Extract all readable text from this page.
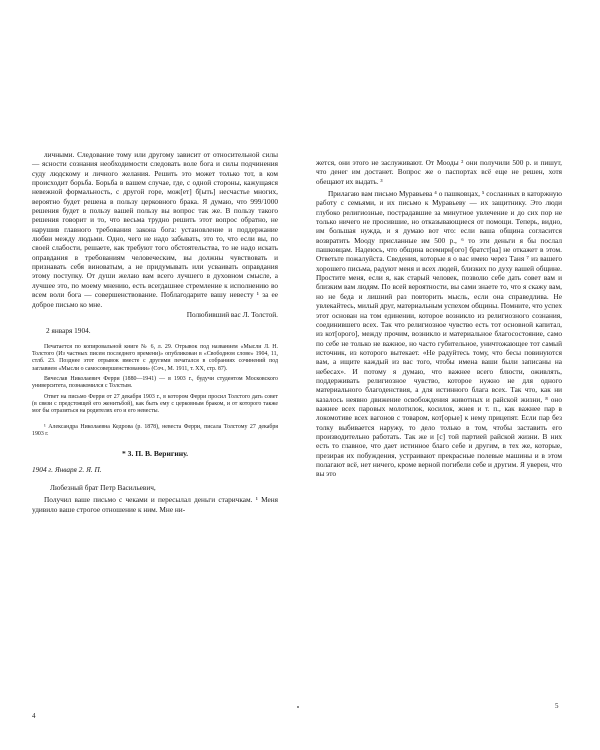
личными. Следование тому или другому зависит от относительной силы — ясности сознания необходимости следовать воле бога и силы подчинения суду людскому и личного желания. Решить это может только тот, в ком происходит борьба. Борьба в вашем случае, где, с одной стороны, кажущаяся невежной формальность, с другой горе, мож[ет] б[ыть] несчастье многих, вероятно будет решена в пользу церковного брака. Я думаю, что 999/1000 решения будет в пользу вашей пользу вы вопрос так же. В пользу такого решения говорит и то, что весьма трудно решить этот вопрос обратно, не нарушив главного требования закона бога: установление и поддержание любви между людьми. Одно, чего не надо забывать, это то, что если вы, по своей слабости, решаете, как требуют того обстоятельства, то не надо искать оправдания в требованиям человеческим, вы должны чувствовать и признавать себя виноватым, а не придумывать или усваивать оправдания этому поступку. От души желаю вам всего лучшего в духовном смысле, а лучшее это, по моему мнению, есть всегдашнее стремление к исполнению во всем воли бога — совершенствование. Поблагодарите вашу невесту ¹ за ее доброе письмо ко мне.

Полюбивший вас Л. Толстой.
2 января 1904.

Печатается по копировальной книге № 6, л. 29. Отрывок под названием «Мысли Л. Н. Толстого (Из частных писем последнего времени)» опубликован в «Свободном слове» 1904, 11, стлб. 23. Позднее этот отрывок вместе с другими печатался в собраниях сочинений под заглавием «Мысли о самосовершенствовании» (Соч., М. 1911, т. XX, стр. 87).

Вячеслав Николаевич Ферри (1880—1941) — в 1903 г., будучи студентом Московского университета, познакомился с Толстым.

Ответ на письмо Ферри от 27 декабря 1903 г., в котором Ферри просил Толстого дать совет (в связи с предстоящей его женитьбой), как быть ему с церковным браком, и от которого также мог бы отразиться на родителях его и его невесты.

¹ Александра Николаевна Кедрова (р. 1878), невеста Ферри, писала Толстому 27 декабря 1903 г.

* 3. П. В. Веригину.
1904 г. Января 2. Я. П.
Любезный брат Петр Васильевич,

Получил ваше письмо с чеками и пересылал деньги старичкам. ¹ Меня удивило ваше строгое отношение к ним. Мне ни-

жется, они этого не заслуживают. От Мооды ² они получили 500 р. и пишут, что денег им достанет. Вопрос же о паспортах всё еще не решен, хотя обещают их выдать. ³

Прилагаю вам письмо Муравьева ⁴ о пашковцах, ⁵ сосланных в каторжную работу с семьями, и их письмо к Муравьеву — их защитнику. Это люди глубоко религиозные, пострадавшие за минутное увлечение и до сих пор не только ничего не просившие, но отказывающиеся от помощи. Теперь, видно, им большая нужда, и я думаю вот что: если ваша община согласится возвратить Мооду присланные им 500 р., ⁶ то эти деньги я бы послал пашковцам. Надеюсь, что община всемирн[ого] братст[ва] не откажет в этом. Ответьте пожалуйста. Сведения, которые я о вас имею через Таня ⁷ из вашего хорошего письма, радуют меня и всех людей, близких по духу вашей общине. Простите меня, если я, как старый человек, позволю себе дать совет вам и близким вам людям. По всей вероятности, вы сами знаете то, что я скажу вам, но не беда и лишний раз повторить мысль, если она справедлива. Не увлекайтесь, милый друг, материальным успехом общины. Помните, что успех этот основан на том единении, которое возникло из религиозного сознания, соединившего всех. Так что религиозное чувство есть тот основной капитал, из кот[орого], между прочим, возникло и материальное благосостояние, само по себе не только не важное, но часто губительное, уничтожающее тот самый источник, из которого вытекает. «Не радуйтесь тому, что бесы повинуются вам, а ищите каждый из вас того, чтобы имена ваши были записаны на небесах». И потому я думаю, что важнее всего блюсти, оживлять, поддерживать религиозное чувство, которое нужно не для одного материального благоденствия, а для истинного блага всех. Так что, как ни казалось неявно движение освобождения животных и райской жизни, ⁸ оно важнее всех паровых молотилок, косилок, жнея и т. п., как важнее пар в локомотиве всех вагонов с товаром, кот[орые] к нему прицепят. Если пар без толку выбивается наружу, то дело только в том, чтобы заставить его производительно работать. Так же и [с] той партией райской жизни. В них есть то главное, что дает истинное благо себе и другим, в тех же, которые, презирая их побуждения, устраивают прекрасные полевые машины и в этом полагают всё, нет ничего, кроме верной погибели себе и другим. Я уверен, что вы это

4
5
